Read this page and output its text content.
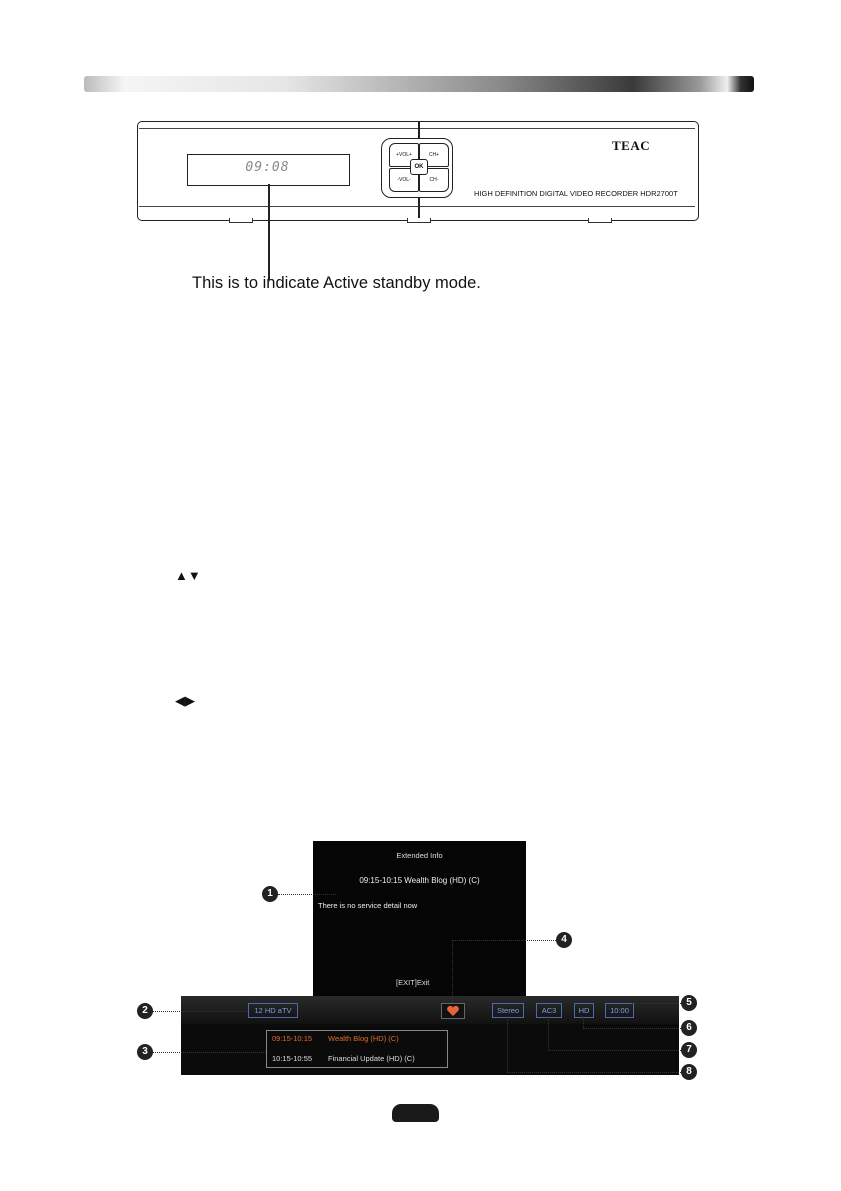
09:08
+VOL+	CH+
-VOL-	CH-
OK
TEAC
HIGH DEFINITION DIGITAL VIDEO RECORDER HDR2700T
This is to indicate Active standby mode.
▲▼
◀▶
Extended Info
09:15-10:15 Wealth Blog (HD) (C)
There is no service detail now
[EXIT]Exit
12 HD aTV	Stereo	AC3	HD	10:00
09:15-10:15 Wealth Blog (HD) (C)
10:15-10:55 Financial Update (HD) (C)
1
2
3
4
5
6
7
8
